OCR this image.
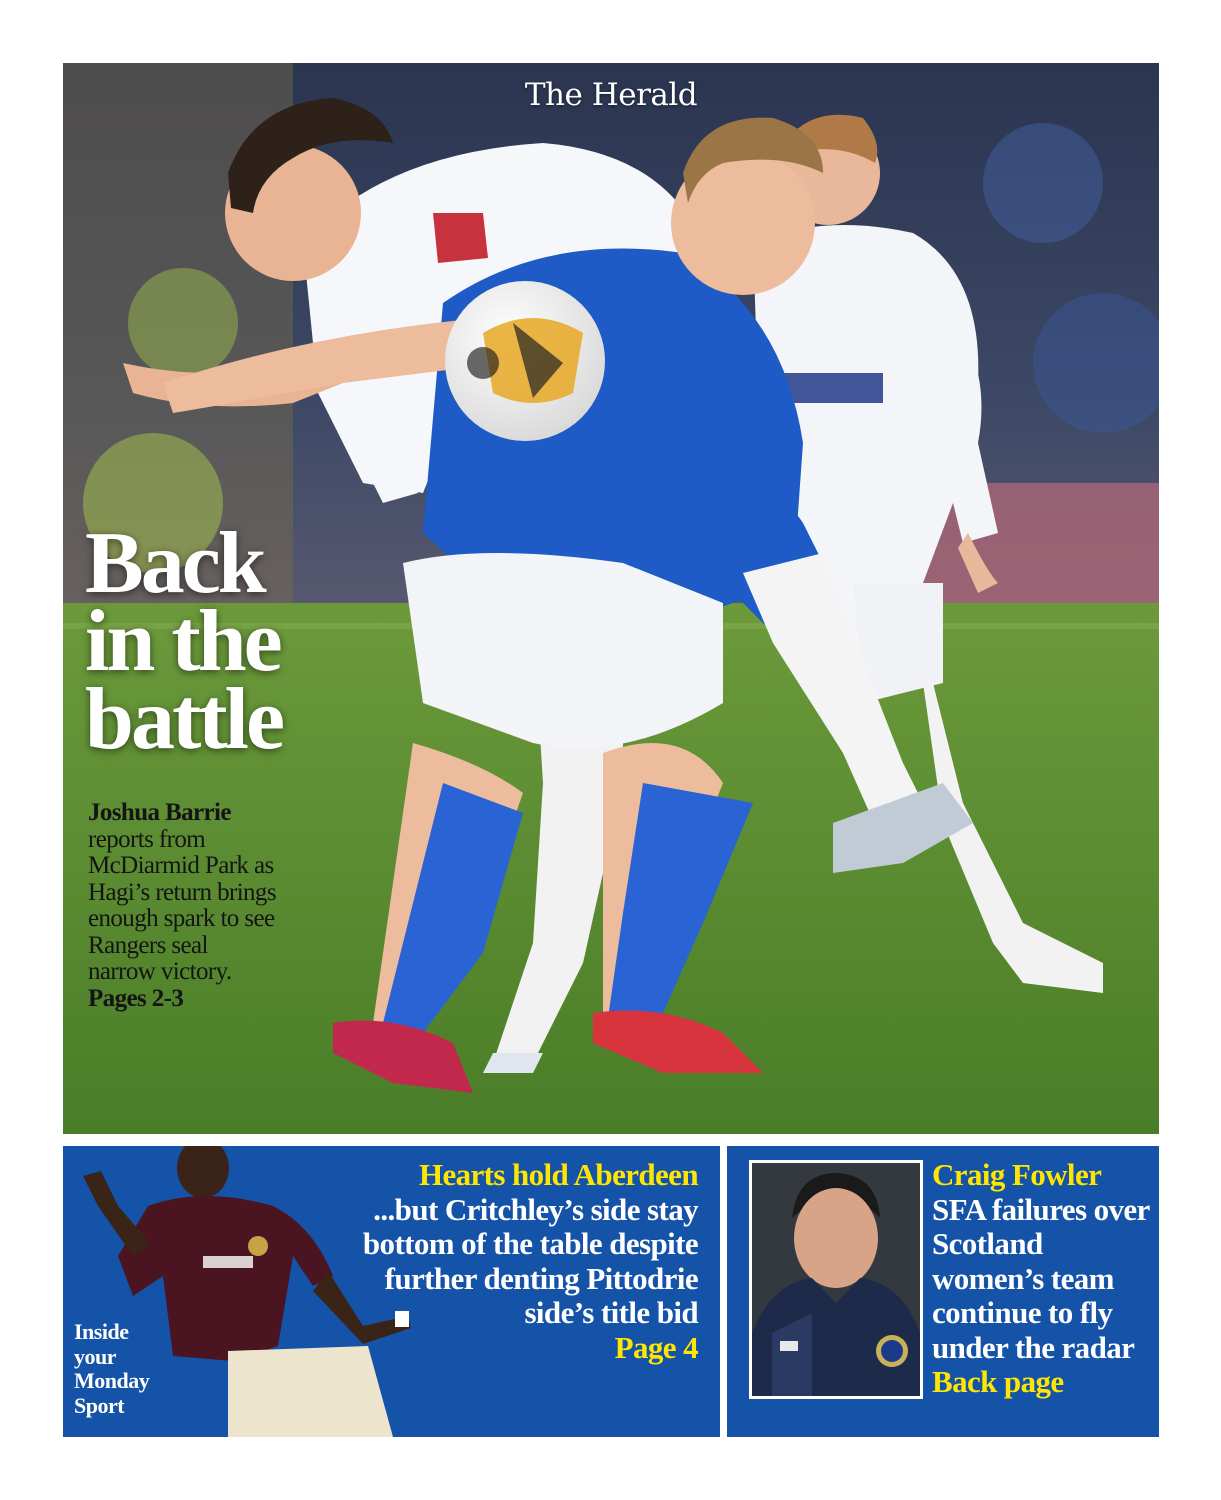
The Herald
Back
in the
battle
Joshua Barrie
reports from McDiarmid Park as Hagi’s return brings enough spark to see Rangers seal narrow victory.
Pages 2-3
Inside
your
Monday
Sport
Hearts hold Aberdeen
...but Critchley’s side stay bottom of the table despite further denting Pittodrie side’s title bid
Page 4
Craig Fowler
SFA failures over Scotland women’s team continue to fly under the radar
Back page
